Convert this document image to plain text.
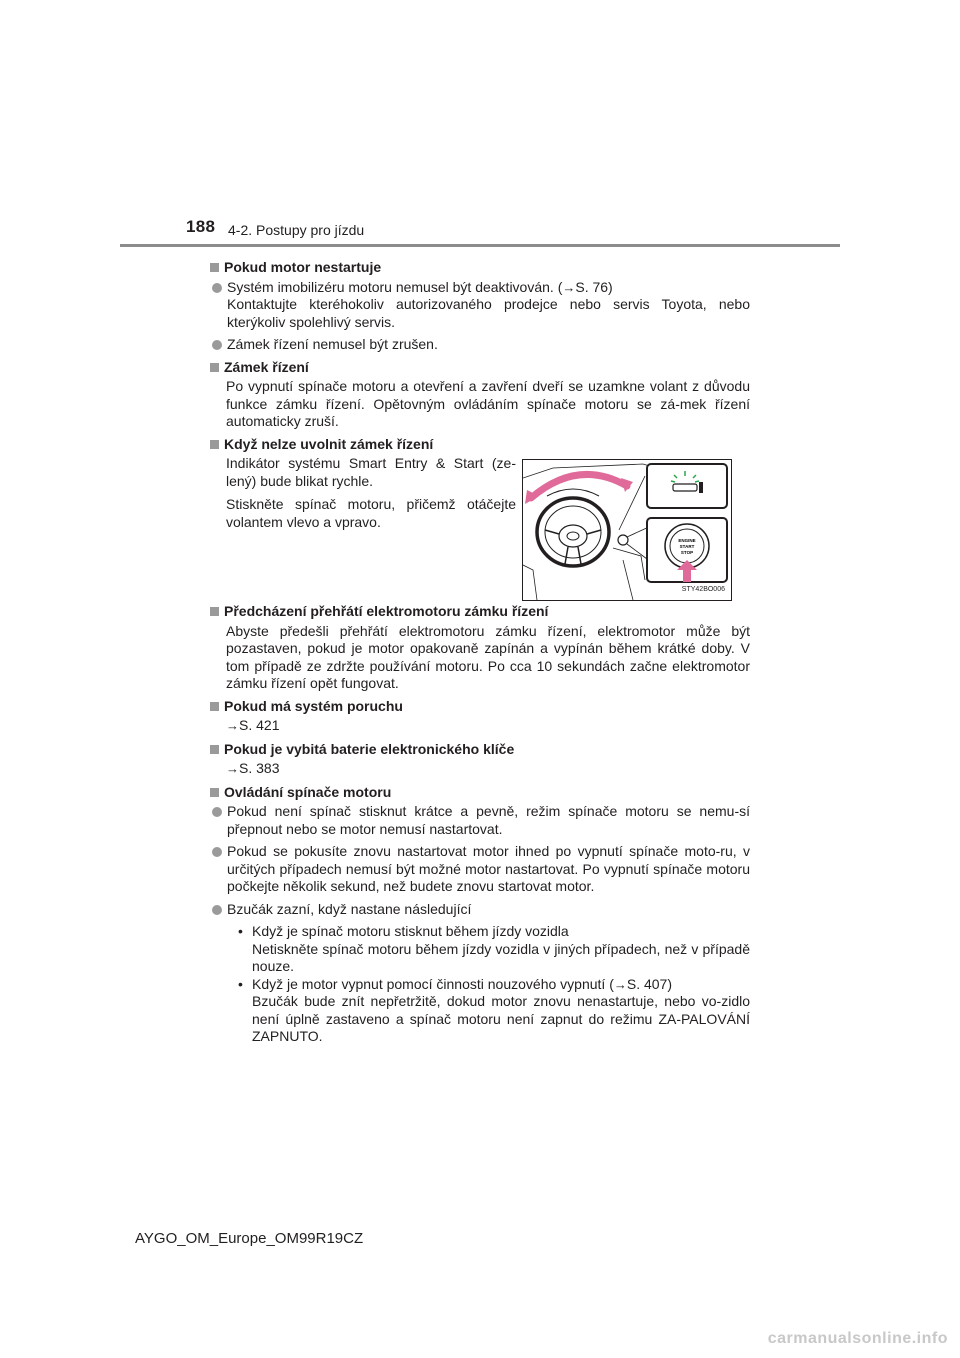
188 4-2. Postupy pro jízdu
Pokud motor nestartuje
Systém imobilizéru motoru nemusel být deaktivován. (→S. 76)
Kontaktujte kteréhokoliv autorizovaného prodejce nebo servis Toyota, nebo kterýkoliv spolehlivý servis.
Zámek řízení nemusel být zrušen.
Zámek řízení
Po vypnutí spínače motoru a otevření a zavření dveří se uzamkne volant z důvodu funkce zámku řízení. Opětovným ovládáním spínače motoru se zá-mek řízení automaticky zruší.
Když nelze uvolnit zámek řízení

Indikátor systému Smart Entry & Start (ze-lený) bude blikat rychle.

Stiskněte spínač motoru, přičemž otáčejte volantem vlevo a vpravo.

ENGINE
START
STOP
STY42BO006
Předcházení přehřátí elektromotoru zámku řízení
Abyste předešli přehřátí elektromotoru zámku řízení, elektromotor může být pozastaven, pokud je motor opakovaně zapínán a vypínán během krátké doby. V tom případě ze zdržte používání motoru. Po cca 10 sekundách začne elektromotor zámku řízení opět fungovat.
Pokud má systém poruchu
→S. 421
Pokud je vybitá baterie elektronického klíče
→S. 383
Ovládání spínače motoru
Pokud není spínač stisknut krátce a pevně, režim spínače motoru se nemu-sí přepnout nebo se motor nemusí nastartovat.
Pokud se pokusíte znovu nastartovat motor ihned po vypnutí spínače moto-ru, v určitých případech nemusí být možné motor nastartovat. Po vypnutí spínače motoru počkejte několik sekund, než budete znovu startovat motor.
Bzučák zazní, když nastane následující
• Když je spínač motoru stisknut během jízdy vozidla
Netiskněte spínač motoru během jízdy vozidla v jiných případech, než v případě nouze.
• Když je motor vypnut pomocí činnosti nouzového vypnutí (→S. 407)
Bzučák bude znít nepřetržitě, dokud motor znovu nenastartuje, nebo vo-zidlo není úplně zastaveno a spínač motoru není zapnut do režimu ZA-PALOVÁNÍ ZAPNUTO.
AYGO_OM_Europe_OM99R19CZ
carmanualsonline.info
